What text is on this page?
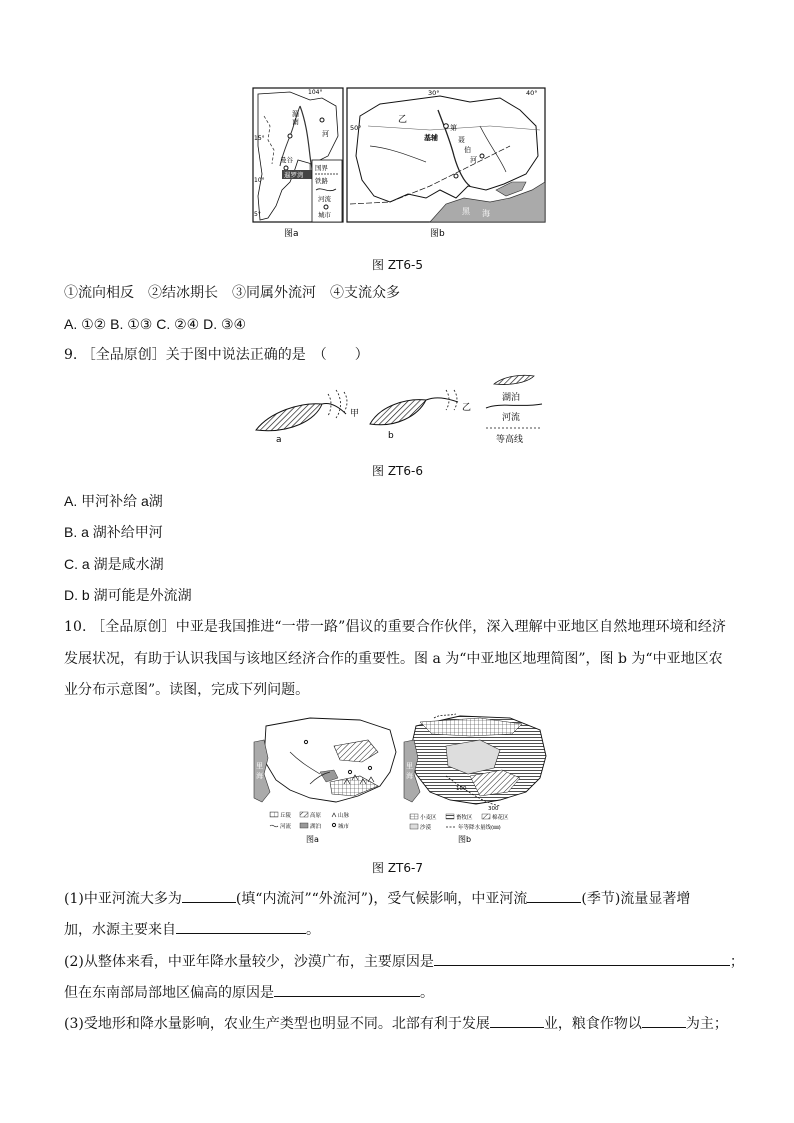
104°
15°
10°
5°
湄
南
河
曼谷
暹罗湾
国界
铁路
河流
城市
图a
30°	40°
50°
乙
基辅
第
聂
伯
河
黑 海
图b
图 ZT6-5
①流向相反　②结冰期长　③同属外流河　④支流众多
A. ①② B. ①③ C. ②④ D. ③④
9. ［全品原创］关于图中说法正确的是　（　　）
a
甲
b
乙
湖泊
河流
等高线
图 ZT6-6
A. 甲河补给 a湖
B. a 湖补给甲河
C. a 湖是咸水湖
D. b 湖可能是外流湖
10. ［全品原创］中亚是我国推进“一带一路”倡议的重要合作伙伴，深入理解中亚地区自然地理环境和经济
发展状况，有助于认识我国与该地区经济合作的重要性。图 a 为“中亚地区地理简图”，图 b 为“中亚地区农
业分布示意图”。读图，完成下列问题。
里
海
丘陵	高原	山脉
河流	湖泊	城市
图a
300
100
里
海
小麦区	畜牧区	棉花区
沙漠	年等降水量线(㎜)
图b
图 ZT6-7
(1)中亚河流大多为	(填“内流河”“外流河”)，受气候影响，中亚河流	(季节)流量显著增
加，水源主要来自	。
(2)从整体来看，中亚年降水量较少，沙漠广布，主要原因是	；
但在东南部局部地区偏高的原因是	。
(3)受地形和降水量影响，农业生产类型也明显不同。北部有利于发展	业，粮食作物以	为主；
